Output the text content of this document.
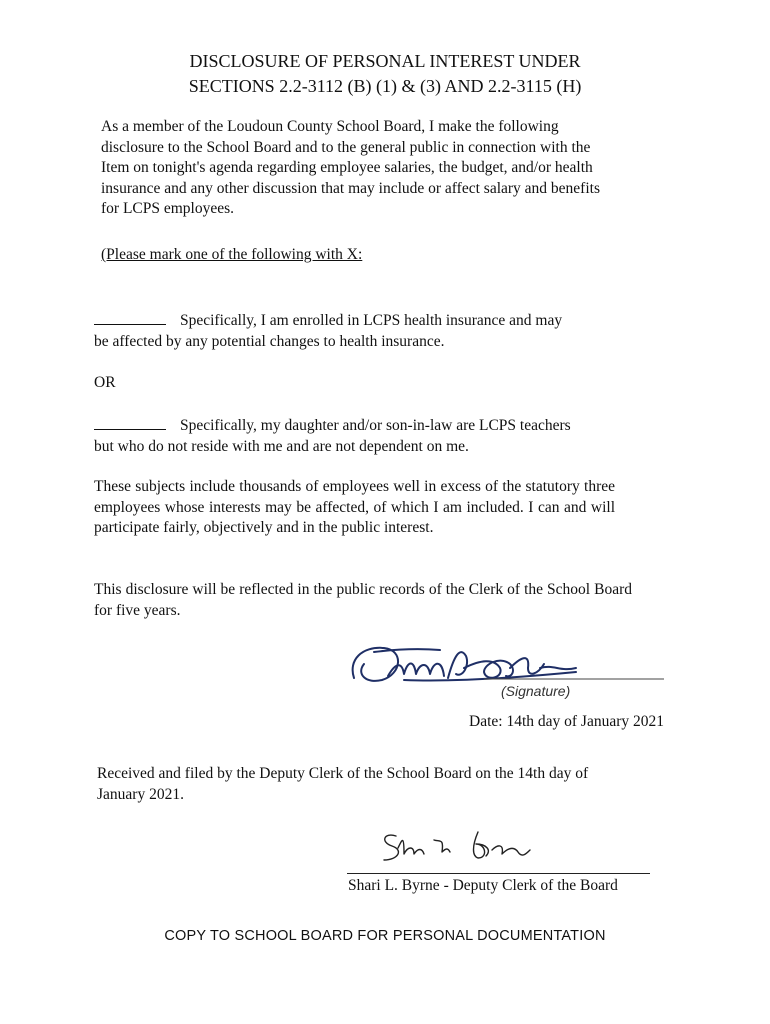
DISCLOSURE OF PERSONAL INTEREST UNDER
SECTIONS 2.2-3112 (B) (1) & (3) AND 2.2-3115 (H)
As a member of the Loudoun County School Board, I make the following
disclosure to the School Board and to the general public in connection with the
Item on tonight's agenda regarding employee salaries, the budget, and/or health
insurance and any other discussion that may include or affect salary and benefits
for LCPS employees.
(Please mark one of the following with X:
Specifically, I am enrolled in LCPS health insurance and may
be affected by any potential changes to health insurance.
OR
Specifically, my daughter and/or son-in-law are LCPS teachers
but who do not reside with me and are not dependent on me.
These subjects include thousands of employees well in excess of the statutory three employees whose interests may be affected, of which I am included. I can and will participate fairly, objectively and in the public interest.
This disclosure will be reflected in the public records of the Clerk of the School Board for five years.
(Signature)
Date: 14th day of January 2021
Received and filed by the Deputy Clerk of the School Board on the 14th day of
January 2021.
Shari L. Byrne - Deputy Clerk of the Board
COPY TO SCHOOL BOARD FOR PERSONAL DOCUMENTATION
